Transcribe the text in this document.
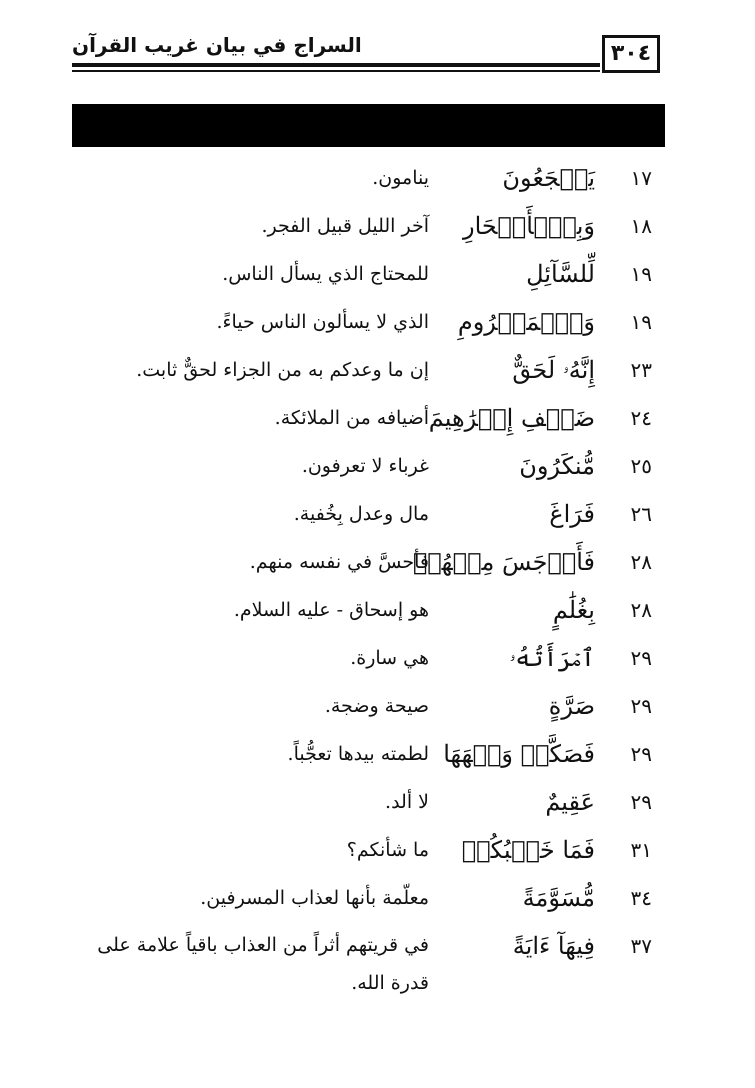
السراج في بيان غريب القرآن	٣٠٤
١٧
يَهۡجَعُونَ
ينامون.
١٨
وَبِٱلۡأَسۡحَارِ
آخر الليل قبيل الفجر.
١٩
لِّلسَّآئِلِ
للمحتاج الذي يسأل الناس.
١٩
وَٱلۡمَحۡرُومِ
الذي لا يسألون الناس حياءً.
٢٣
إِنَّهُۥ لَحَقٌّ
إن ما وعدكم به من الجزاء لحقٌّ ثابت.
٢٤
ضَيۡفِ إِبۡرَٰهِيمَ
أضيافه من الملائكة.
٢٥
مُّنكَرُونَ
غرباء لا تعرفون.
٢٦
فَرَاغَ
مال وعدل بِخُفية.
٢٨
فَأَوۡجَسَ مِنۡهُمۡ
فأحسَّ في نفسه منهم.
٢٨
بِغُلَٰمٍ
هو إسحاق - عليه السلام.
٢٩
ٱمۡرَأَتُهُۥ
هي سارة.
٢٩
صَرَّةٍ
صيحة وضجة.
٢٩
فَصَكَّتۡ وَجۡهَهَا
لطمته بيدها تعجُّباً.
٢٩
عَقِيمٌ
لا ألد.
٣١
فَمَا خَطۡبُكُمۡ
ما شأنكم؟
٣٤
مُّسَوَّمَةً
معلّمة بأنها لعذاب المسرفين.
٣٧
فِيهَآ ءَايَةً
في قريتهم أثراً من العذاب باقياً علامة على قدرة الله.
